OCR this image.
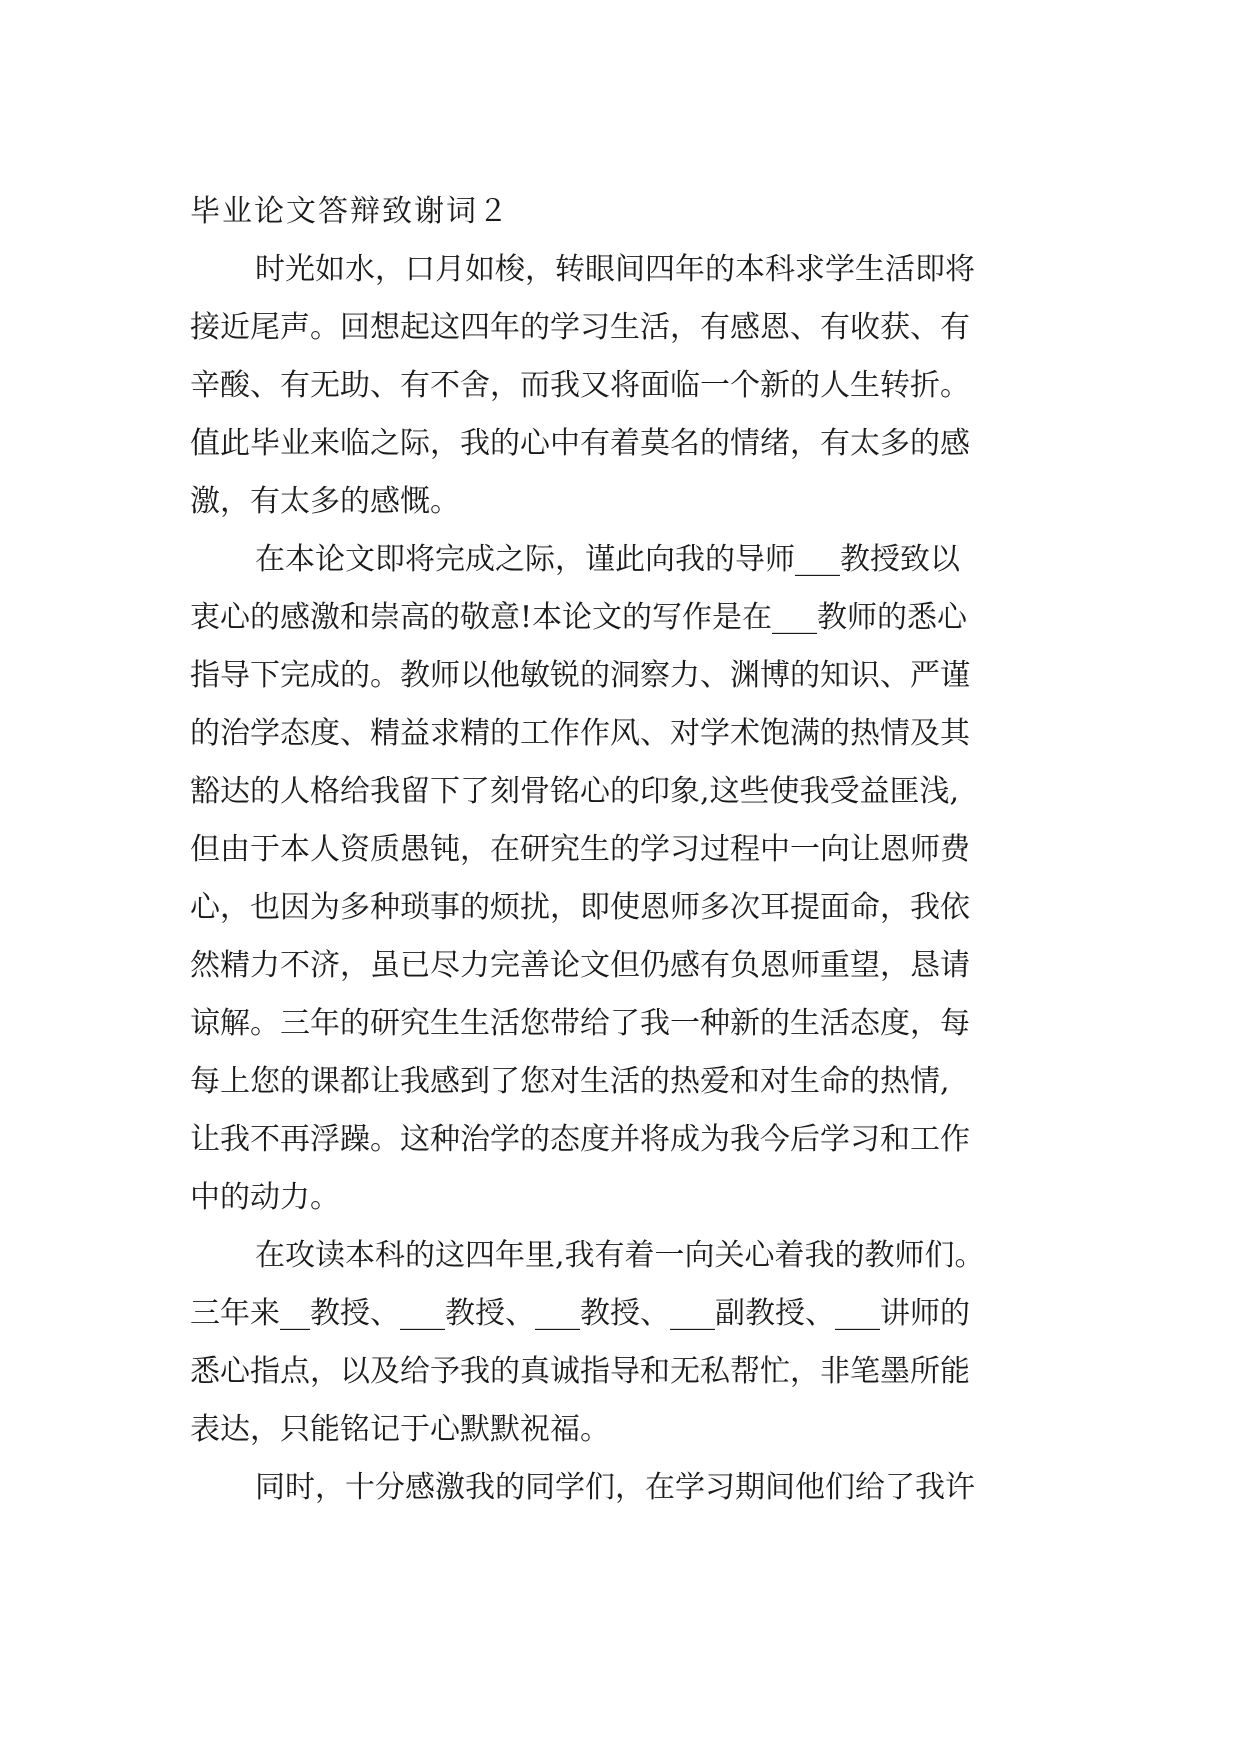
毕业论文答辩致谢词２

时光如水，口月如梭，转眼间四年的本科求学生活即将

接近尾声。回想起这四年的学习生活，有感恩、有收获、有

辛酸、有无助、有不舍，而我又将面临一个新的人生转折。

值此毕业来临之际，我的心中有着莫名的情绪，有太多的感

激，有太多的感慨。

在本论文即将完成之际，谨此向我的导师___教授致以

衷心的感激和崇高的敬意!本论文的写作是在___教师的悉心

指导下完成的。教师以他敏锐的洞察力、渊博的知识、严谨

的治学态度、精益求精的工作作风、对学术饱满的热情及其

豁达的人格给我留下了刻骨铭心的印象,这些使我受益匪浅,

但由于本人资质愚钝，在研究生的学习过程中一向让恩师费

心，也因为多种琐事的烦扰，即使恩师多次耳提面命，我依

然精力不济，虽已尽力完善论文但仍感有负恩师重望，恳请

谅解。三年的研究生生活您带给了我一种新的生活态度，每

每上您的课都让我感到了您对生活的热爱和对生命的热情,

让我不再浮躁。这种治学的态度并将成为我今后学习和工作

中的动力。

在攻读本科的这四年里,我有着一向关心着我的教师们。

三年来__教授、___教授、___教授、___副教授、___讲师的

悉心指点，以及给予我的真诚指导和无私帮忙，非笔墨所能

表达，只能铭记于心默默祝福。

同时，十分感激我的同学们，在学习期间他们给了我许
